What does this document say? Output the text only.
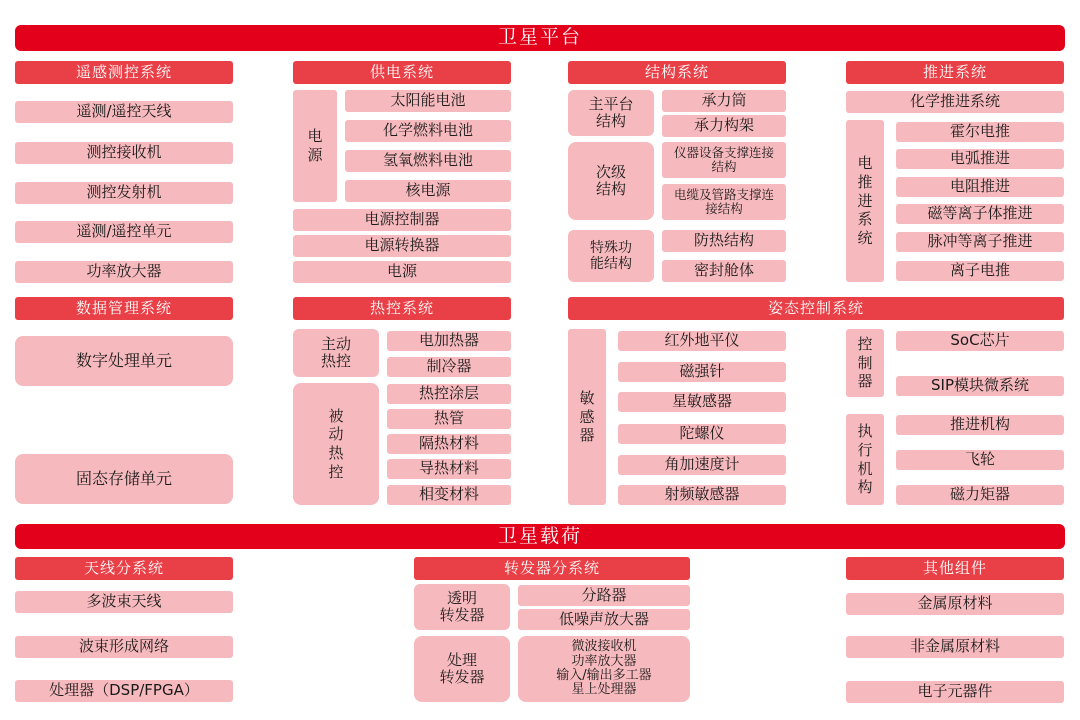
卫星平台
遥感测控系统
遥测/遥控天线
测控接收机
测控发射机
遥测/遥控单元
功率放大器
供电系统
电
源
太阳能电池
化学燃料电池
氢氧燃料电池
核电源
电源控制器
电源转换器
电源
结构系统
主平台
结构
承力筒
承力构架
次级
结构
仪器设备支撑连接结构
电缆及管路支撑连接结构
特殊功
能结构
防热结构
密封舱体
推进系统
化学推进系统
电
推
进
系
统
霍尔电推
电弧推进
电阻推进
磁等离子体推进
脉冲等离子推进
离子电推
数据管理系统
数字处理单元
固态存储单元
热控系统
主动
热控
电加热器
制冷器
被
动
热
控
热控涂层
热管
隔热材料
导热材料
相变材料
姿态控制系统
敏
感
器
红外地平仪
磁强针
星敏感器
陀螺仪
角加速度计
射频敏感器
控
制
器
SoC芯片
SIP模块微系统
执
行
机
构
推进机构
飞轮
磁力矩器
卫星载荷
天线分系统
多波束天线
波束形成网络
处理器（DSP/FPGA）
转发器分系统
透明
转发器
分路器
低噪声放大器
处理
转发器
微波接收机
功率放大器
输入/输出多工器
星上处理器
其他组件
金属原材料
非金属原材料
电子元器件
